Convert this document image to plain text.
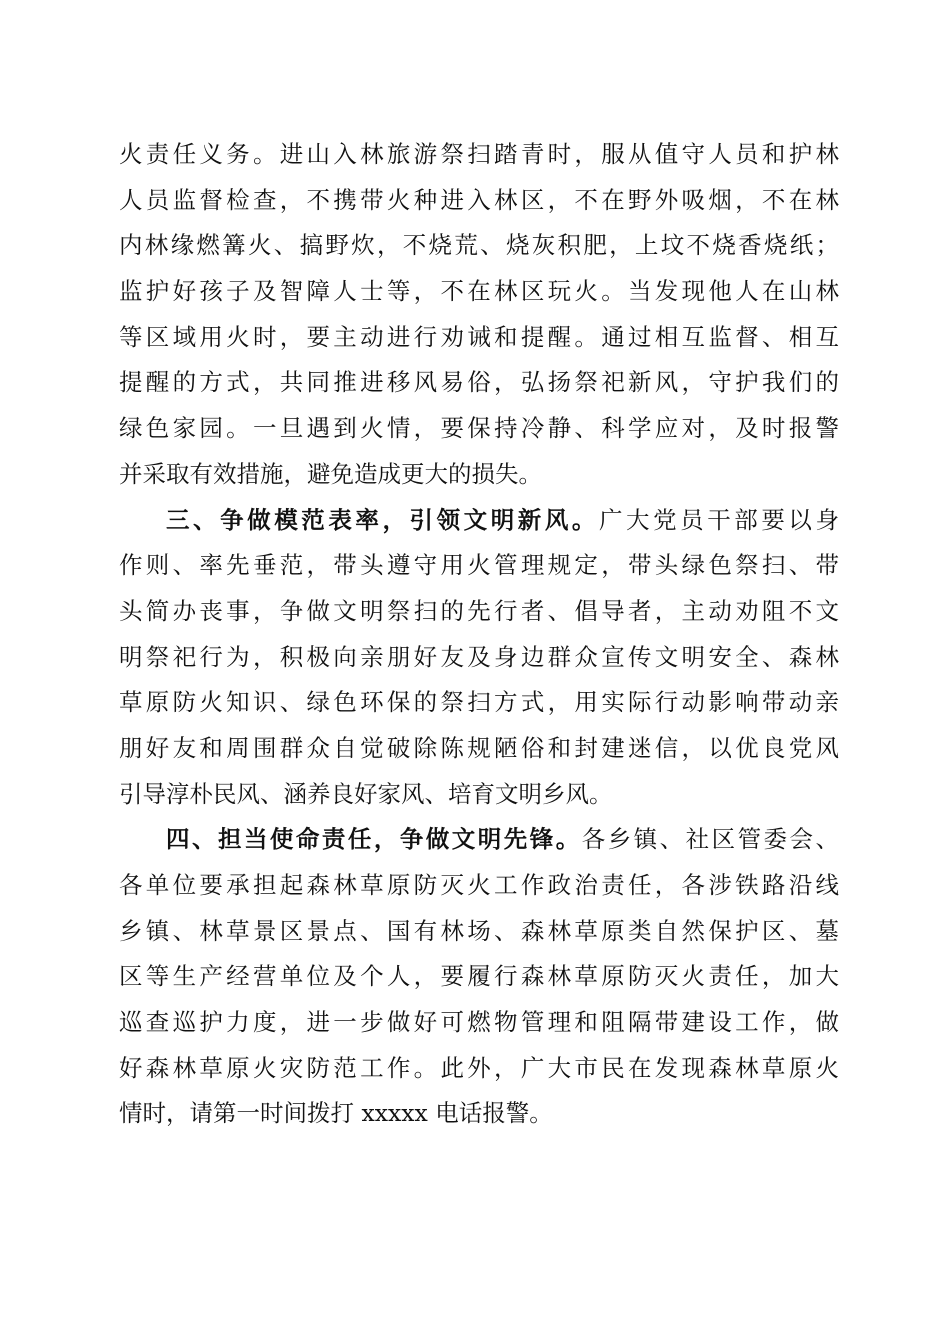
火责任义务。进山入林旅游祭扫踏青时，服从值守人员和护林
人员监督检查，不携带火种进入林区，不在野外吸烟，不在林
内林缘燃篝火、搞野炊，不烧荒、烧灰积肥，上坟不烧香烧纸；
监护好孩子及智障人士等，不在林区玩火。当发现他人在山林
等区域用火时，要主动进行劝诫和提醒。通过相互监督、相互
提醒的方式，共同推进移风易俗，弘扬祭祀新风，守护我们的
绿色家园。一旦遇到火情，要保持冷静、科学应对，及时报警
并采取有效措施，避免造成更大的损失。
三、争做模范表率，引领文明新风。广大党员干部要以身
作则、率先垂范，带头遵守用火管理规定，带头绿色祭扫、带
头简办丧事，争做文明祭扫的先行者、倡导者，主动劝阻不文
明祭祀行为，积极向亲朋好友及身边群众宣传文明安全、森林
草原防火知识、绿色环保的祭扫方式，用实际行动影响带动亲
朋好友和周围群众自觉破除陈规陋俗和封建迷信，以优良党风
引导淳朴民风、涵养良好家风、培育文明乡风。
四、担当使命责任，争做文明先锋。各乡镇、社区管委会、
各单位要承担起森林草原防灭火工作政治责任，各涉铁路沿线
乡镇、林草景区景点、国有林场、森林草原类自然保护区、墓
区等生产经营单位及个人，要履行森林草原防灭火责任，加大
巡查巡护力度，进一步做好可燃物管理和阻隔带建设工作，做
好森林草原火灾防范工作。此外，广大市民在发现森林草原火
情时，请第一时间拨打 xxxxx 电话报警。
